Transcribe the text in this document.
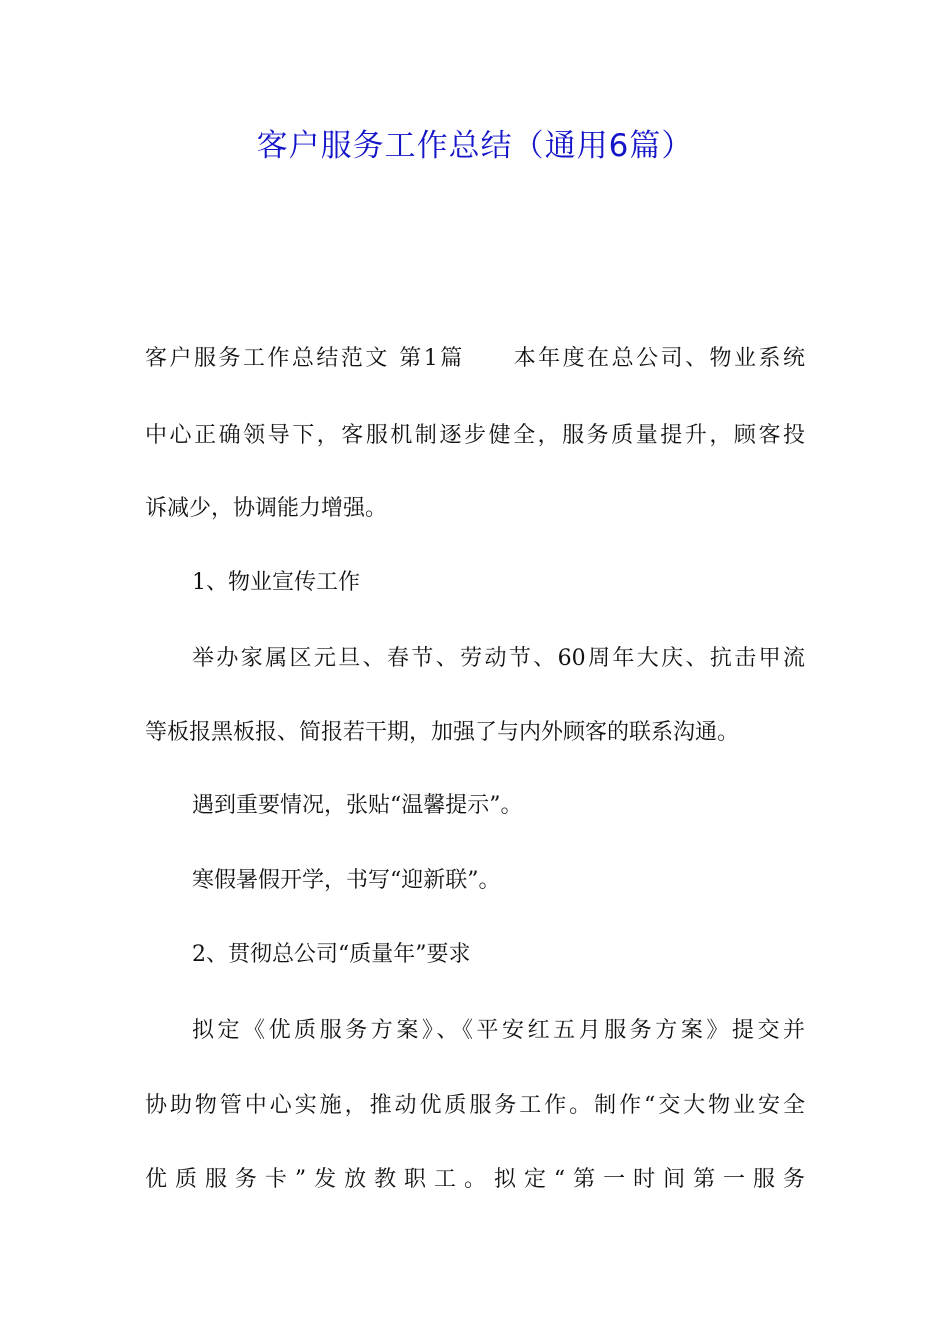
客户服务工作总结（通用6篇）
客户服务工作总结范文 第1篇　　本年度在总公司、物业系统
中心正确领导下，客服机制逐步健全，服务质量提升，顾客投
诉减少，协调能力增强。
1、物业宣传工作
举办家属区元旦、春节、劳动节、60周年大庆、抗击甲流
等板报黑板报、简报若干期，加强了与内外顾客的联系沟通。
遇到重要情况，张贴“温馨提示”。
寒假暑假开学，书写“迎新联”。
2、贯彻总公司“质量年”要求
拟定《优质服务方案》、《平安红五月服务方案》提交并
协助物管中心实施，推动优质服务工作。制作“交大物业安全
优质服务卡”发放教职工。拟定“第一时间第一服务
